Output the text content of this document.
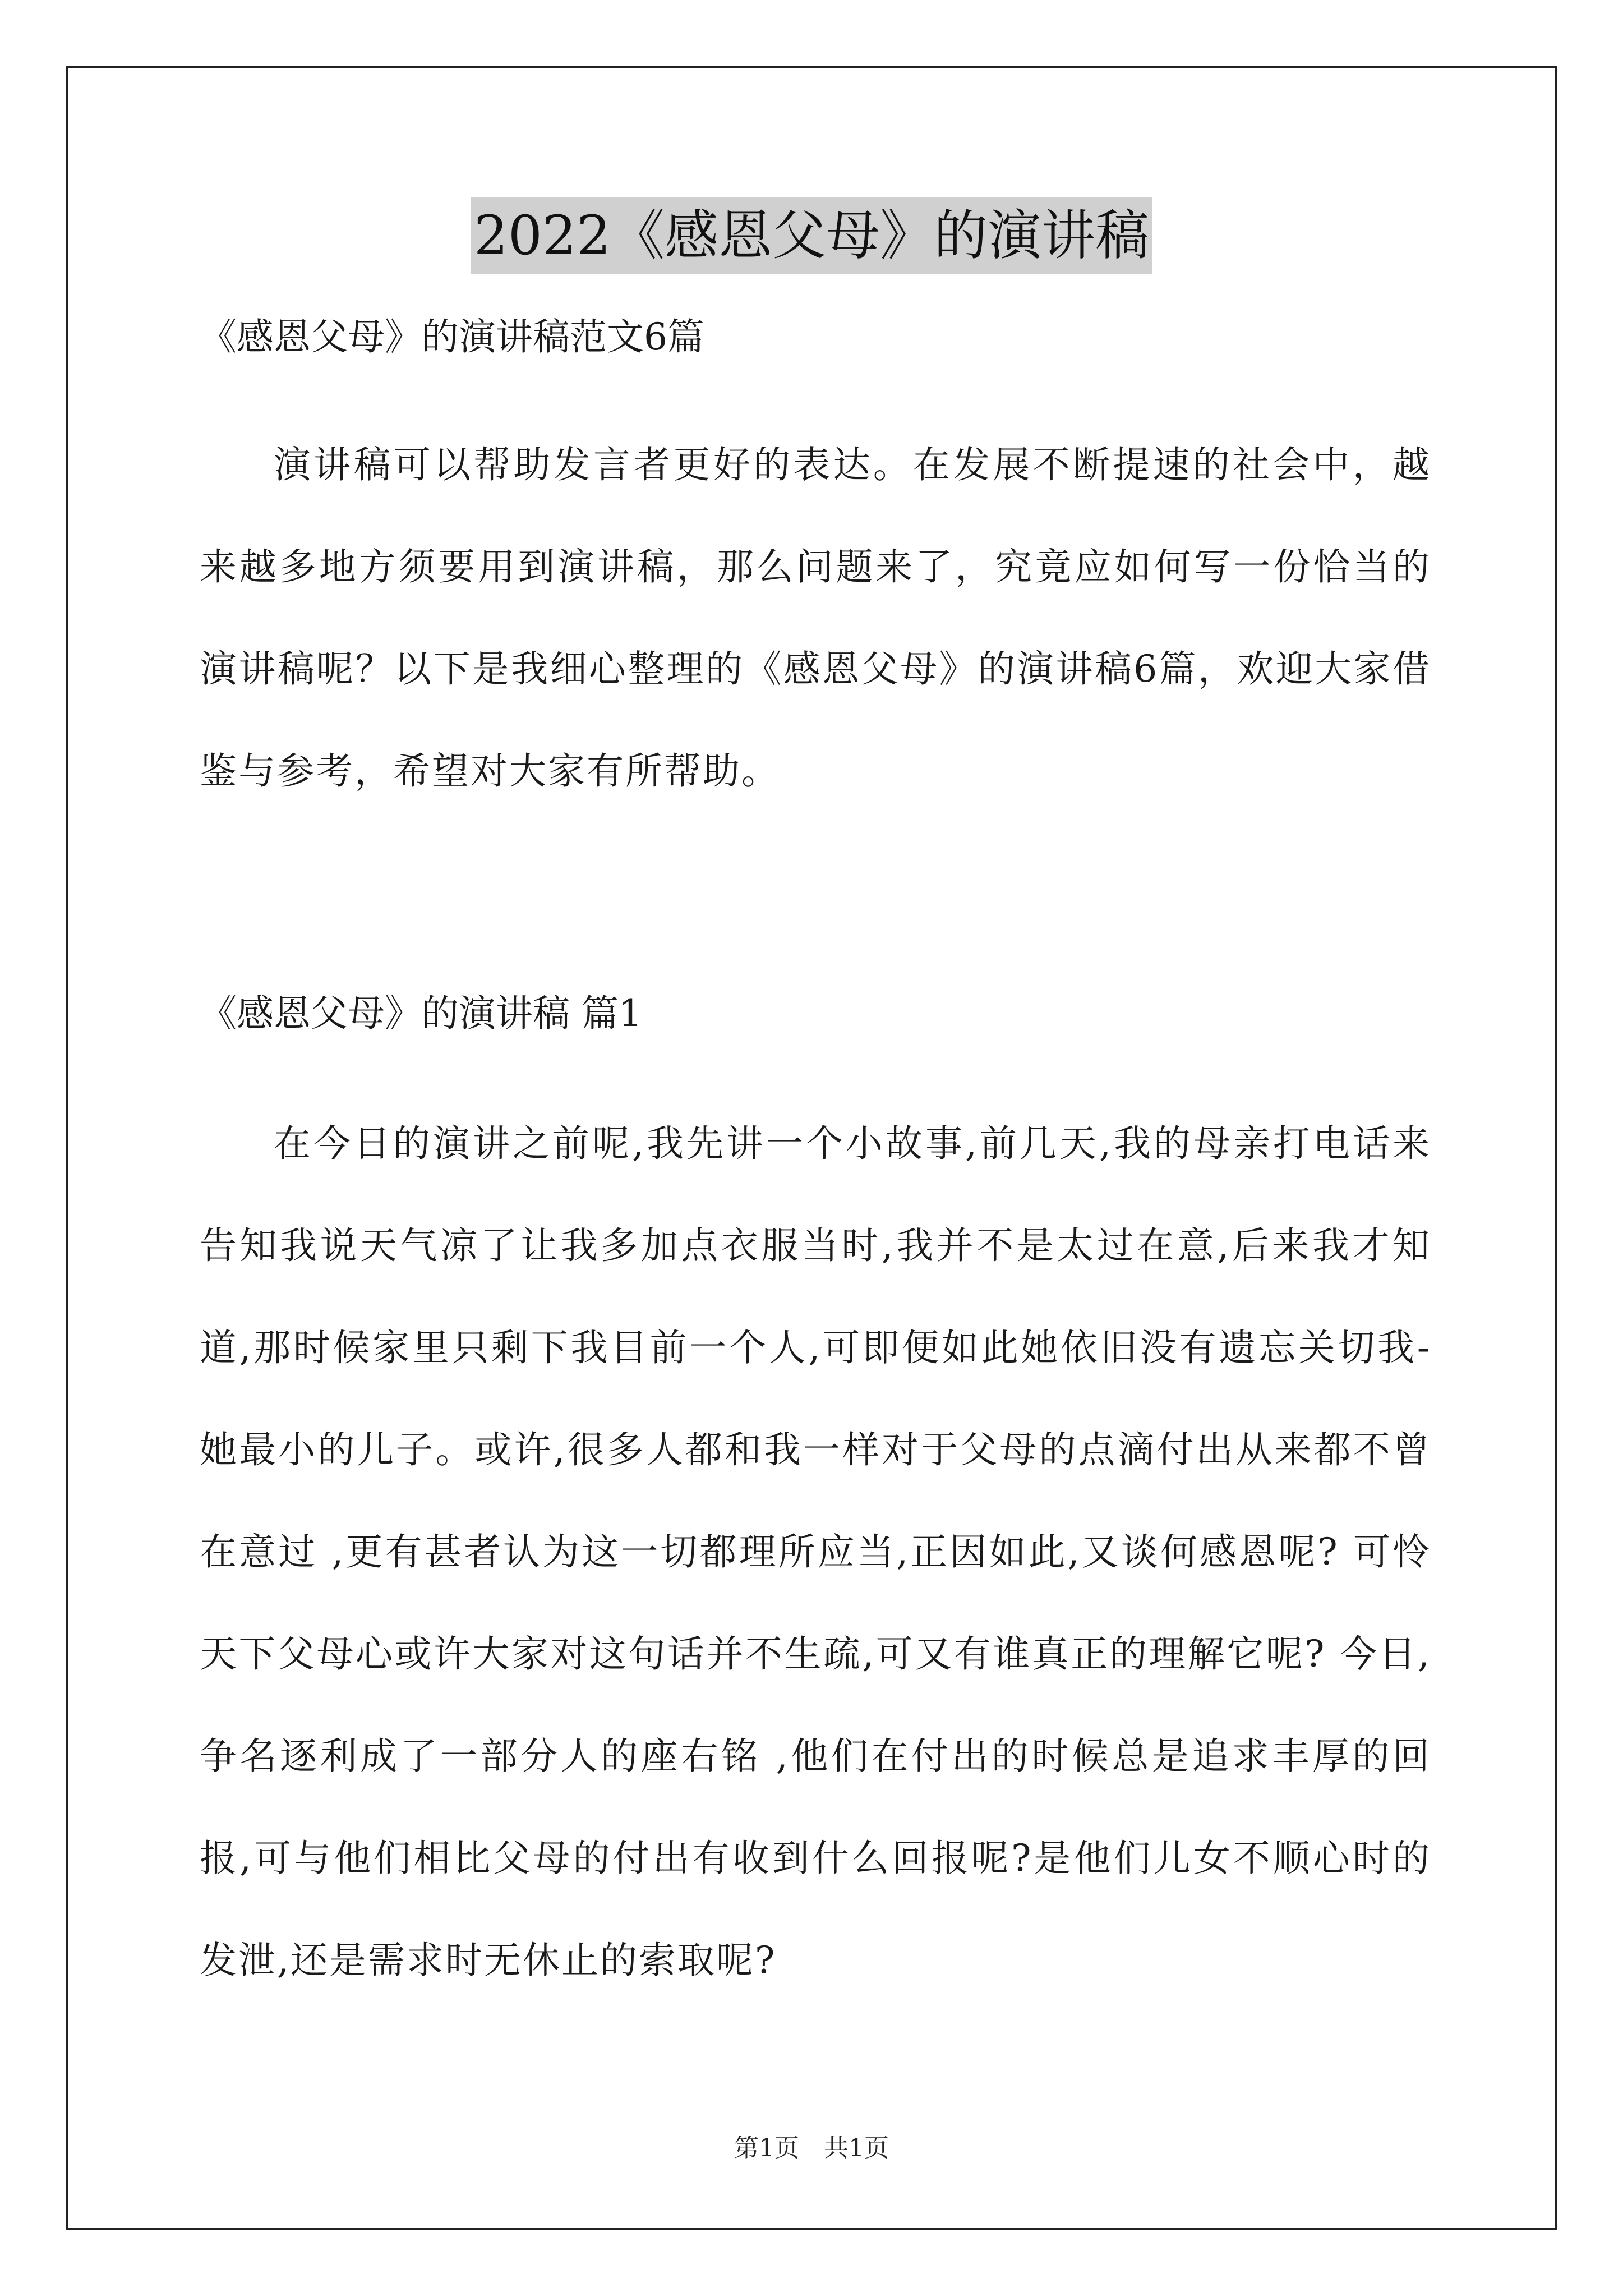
2022《感恩父母》的演讲稿

《感恩父母》的演讲稿范文6篇

演讲稿可以帮助发言者更好的表达。在发展不断提速的社会中，越来越多地方须要用到演讲稿，那么问题来了，究竟应如何写一份恰当的演讲稿呢？以下是我细心整理的《感恩父母》的演讲稿6篇，欢迎大家借鉴与参考，希望对大家有所帮助。

《感恩父母》的演讲稿 篇1

在今日的演讲之前呢,我先讲一个小故事,前几天,我的母亲打电话来告知我说天气凉了让我多加点衣服当时,我并不是太过在意,后来我才知道,那时候家里只剩下我目前一个人,可即便如此她依旧没有遗忘关切我-她最小的儿子。或许,很多人都和我一样对于父母的点滴付出从来都不曾在意过 ,更有甚者认为这一切都理所应当,正因如此,又谈何感恩呢? 可怜天下父母心或许大家对这句话并不生疏,可又有谁真正的理解它呢? 今日,争名逐利成了一部分人的座右铭 ,他们在付出的时候总是追求丰厚的回报,可与他们相比父母的付出有收到什么回报呢?是他们儿女不顺心时的发泄,还是需求时无休止的索取呢?

第1页　共1页
